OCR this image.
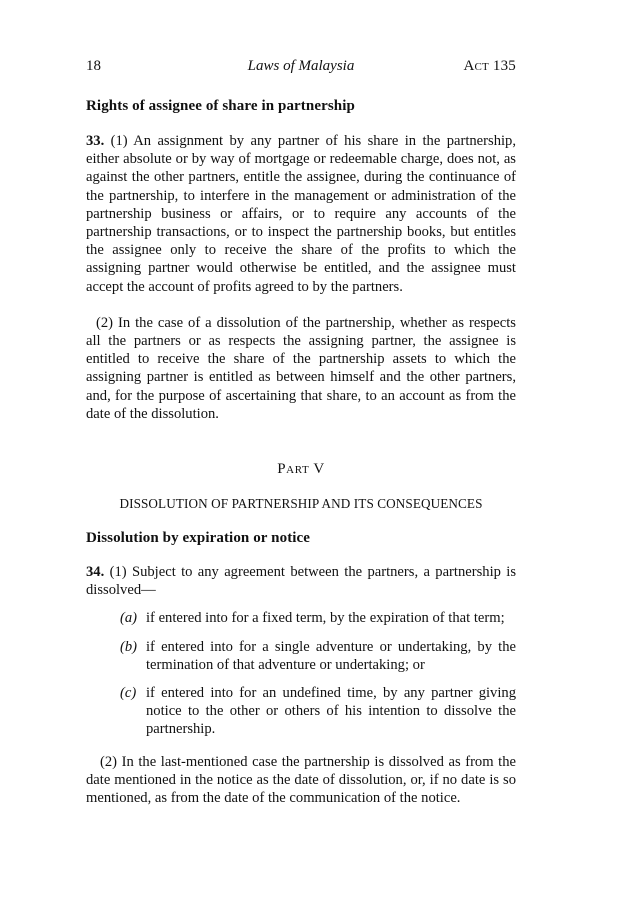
18	Laws of Malaysia	Act 135
Rights of assignee of share in partnership

33. (1) An assignment by any partner of his share in the partnership, either absolute or by way of mortgage or redeemable charge, does not, as against the other partners, entitle the assignee, during the continuance of the partnership, to interfere in the management or administration of the partnership business or affairs, or to require any accounts of the partnership transactions, or to inspect the partnership books, but entitles the assignee only to receive the share of the profits to which the assigning partner would otherwise be entitled, and the assignee must accept the account of profits agreed to by the partners.

(2) In the case of a dissolution of the partnership, whether as respects all the partners or as respects the assigning partner, the assignee is entitled to receive the share of the partnership assets to which the assigning partner is entitled as between himself and the other partners, and, for the purpose of ascertaining that share, to an account as from the date of the dissolution.

Part V
DISSOLUTION OF PARTNERSHIP AND ITS CONSEQUENCES
Dissolution by expiration or notice

34. (1) Subject to any agreement between the partners, a partnership is dissolved—

(a) if entered into for a fixed term, by the expiration of that term;
(b) if entered into for a single adventure or undertaking, by the termination of that adventure or undertaking; or
(c) if entered into for an undefined time, by any partner giving notice to the other or others of his intention to dissolve the partnership.

(2) In the last-mentioned case the partnership is dissolved as from the date mentioned in the notice as the date of dissolution, or, if no date is so mentioned, as from the date of the communication of the notice.
